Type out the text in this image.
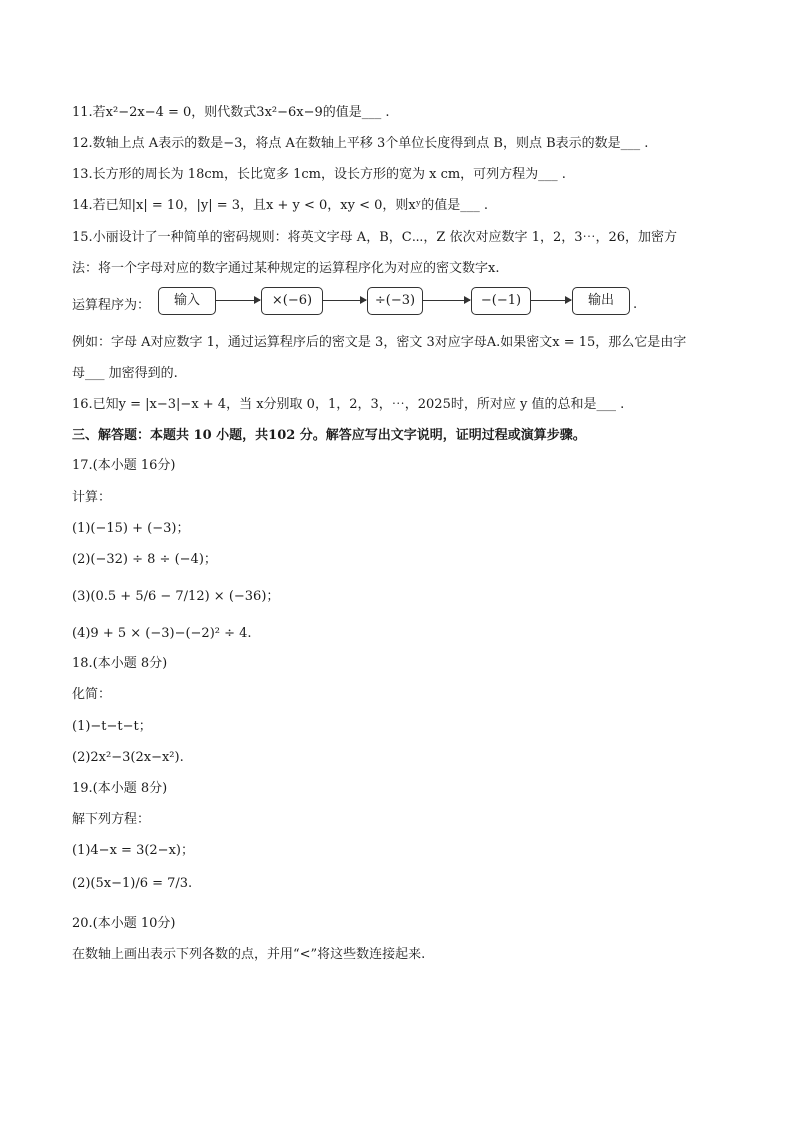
11.若x²−2x−4 = 0，则代数式3x²−6x−9的值是___ .
12.数轴上点 A表示的数是−3，将点 A在数轴上平移 3个单位长度得到点 B，则点 B表示的数是___ .
13.长方形的周长为 18cm，长比宽多 1cm，设长方形的宽为 x cm，可列方程为___ .
14.若已知|x| = 10，|y| = 3，且x + y < 0，xy < 0，则xʸ的值是___ .
15.小丽设计了一种简单的密码规则：将英文字母 A，B，C⋯，Z 依次对应数字 1，2，3⋯，26，加密方
法：将一个字母对应的数字通过某种规定的运算程序化为对应的密文数字x.
运算程序为：	输入	×(−6)	÷(−3)	−(−1)	输出	.
例如：字母 A对应数字 1，通过运算程序后的密文是 3，密文 3对应字母A.如果密文x = 15，那么它是由字
母___ 加密得到的.
16.已知y = |x−3|−x + 4，当 x分别取 0，1，2，3，⋯，2025时，所对应 y 值的总和是___ .
三、解答题：本题共 10 小题，共102 分。解答应写出文字说明，证明过程或演算步骤。
17.(本小题 16分)
计算：
(1)(−15) + (−3)；
(2)(−32) ÷ 8 ÷ (−4)；
(3)(0.5 + 5/6 − 7/12) × (−36)；
(4)9 + 5 × (−3)−(−2)² ÷ 4.
18.(本小题 8分)
化简：
(1)−t−t−t；
(2)2x²−3(2x−x²).
19.(本小题 8分)
解下列方程：
(1)4−x = 3(2−x)；
(2)(5x−1)/6 = 7/3.
20.(本小题 10分)
在数轴上画出表示下列各数的点，并用“<”将这些数连接起来.
